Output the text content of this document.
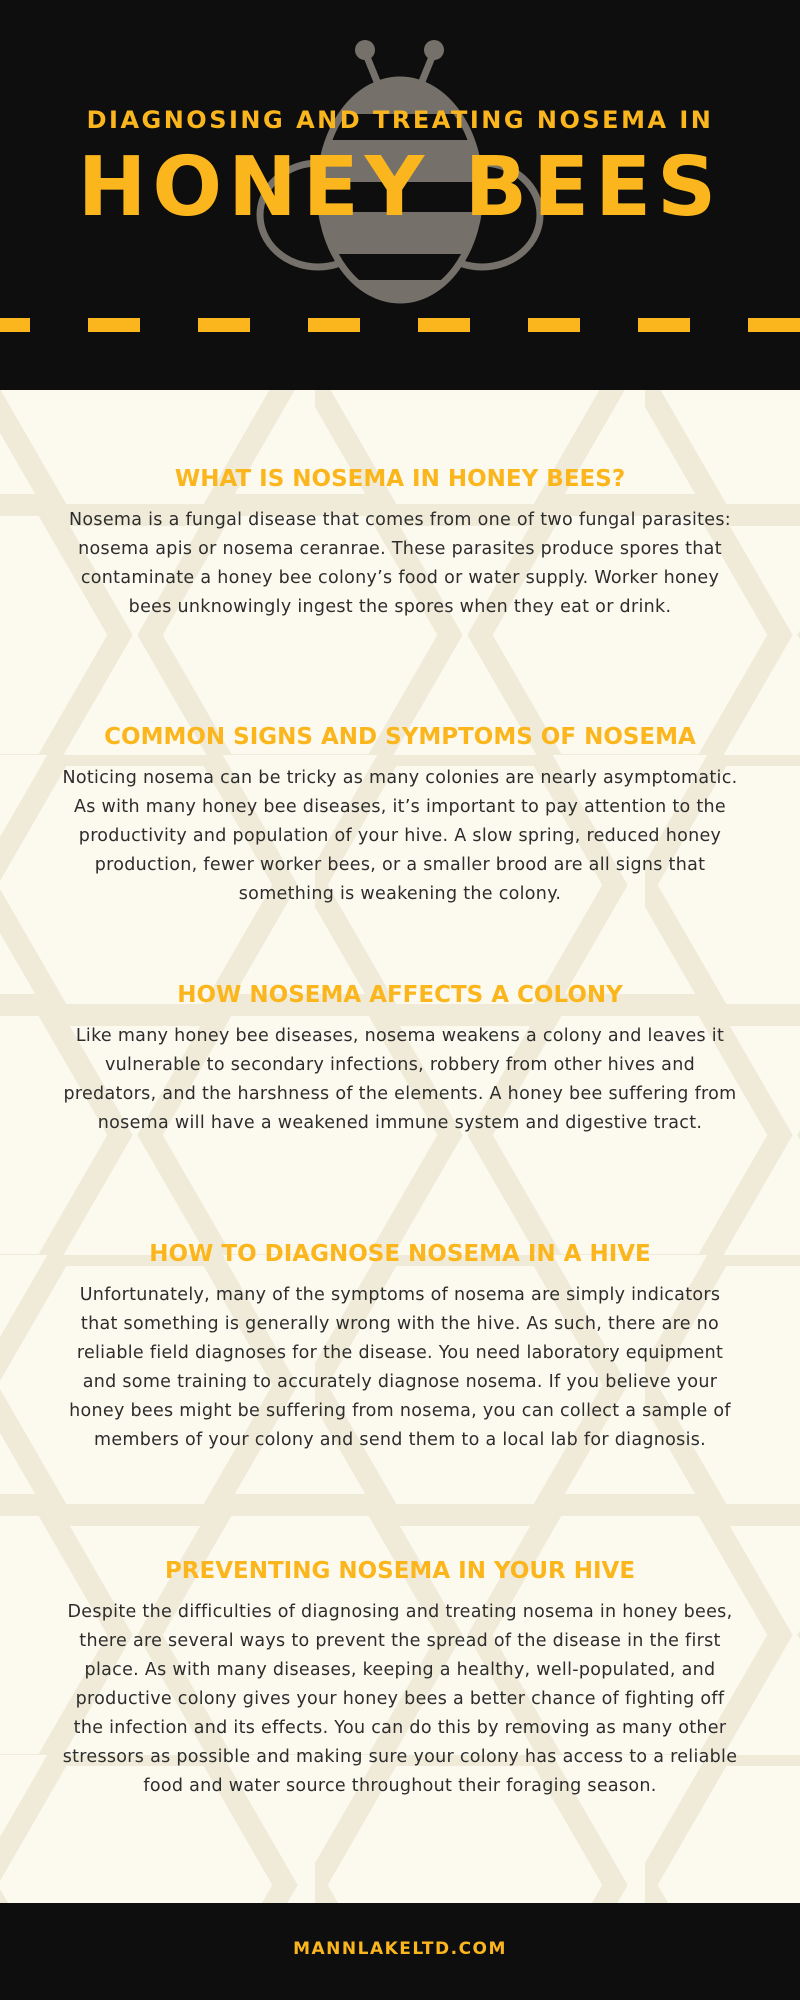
DIAGNOSING AND TREATING NOSEMA IN
HONEY BEES
WHAT IS NOSEMA IN HONEY BEES?

Nosema is a fungal disease that comes from one of two fungal parasites: nosema apis or nosema ceranrae. These parasites produce spores that contaminate a honey bee colony’s food or water supply. Worker honey bees unknowingly ingest the spores when they eat or drink.

COMMON SIGNS AND SYMPTOMS OF NOSEMA

Noticing nosema can be tricky as many colonies are nearly asymptomatic. As with many honey bee diseases, it’s important to pay attention to the productivity and population of your hive. A slow spring, reduced honey production, fewer worker bees, or a smaller brood are all signs that something is weakening the colony.

HOW NOSEMA AFFECTS A COLONY

Like many honey bee diseases, nosema weakens a colony and leaves it vulnerable to secondary infections, robbery from other hives and predators, and the harshness of the elements. A honey bee suffering from nosema will have a weakened immune system and digestive tract.

HOW TO DIAGNOSE NOSEMA IN A HIVE

Unfortunately, many of the symptoms of nosema are simply indicators that something is generally wrong with the hive. As such, there are no reliable field diagnoses for the disease. You need laboratory equipment and some training to accurately diagnose nosema. If you believe your honey bees might be suffering from nosema, you can collect a sample of members of your colony and send them to a local lab for diagnosis.

PREVENTING NOSEMA IN YOUR HIVE

Despite the difficulties of diagnosing and treating nosema in honey bees, there are several ways to prevent the spread of the disease in the first place. As with many diseases, keeping a healthy, well-populated, and productive colony gives your honey bees a better chance of fighting off the infection and its effects. You can do this by removing as many other stressors as possible and making sure your colony has access to a reliable food and water source throughout their foraging season.

MANNLAKELTD.COM
